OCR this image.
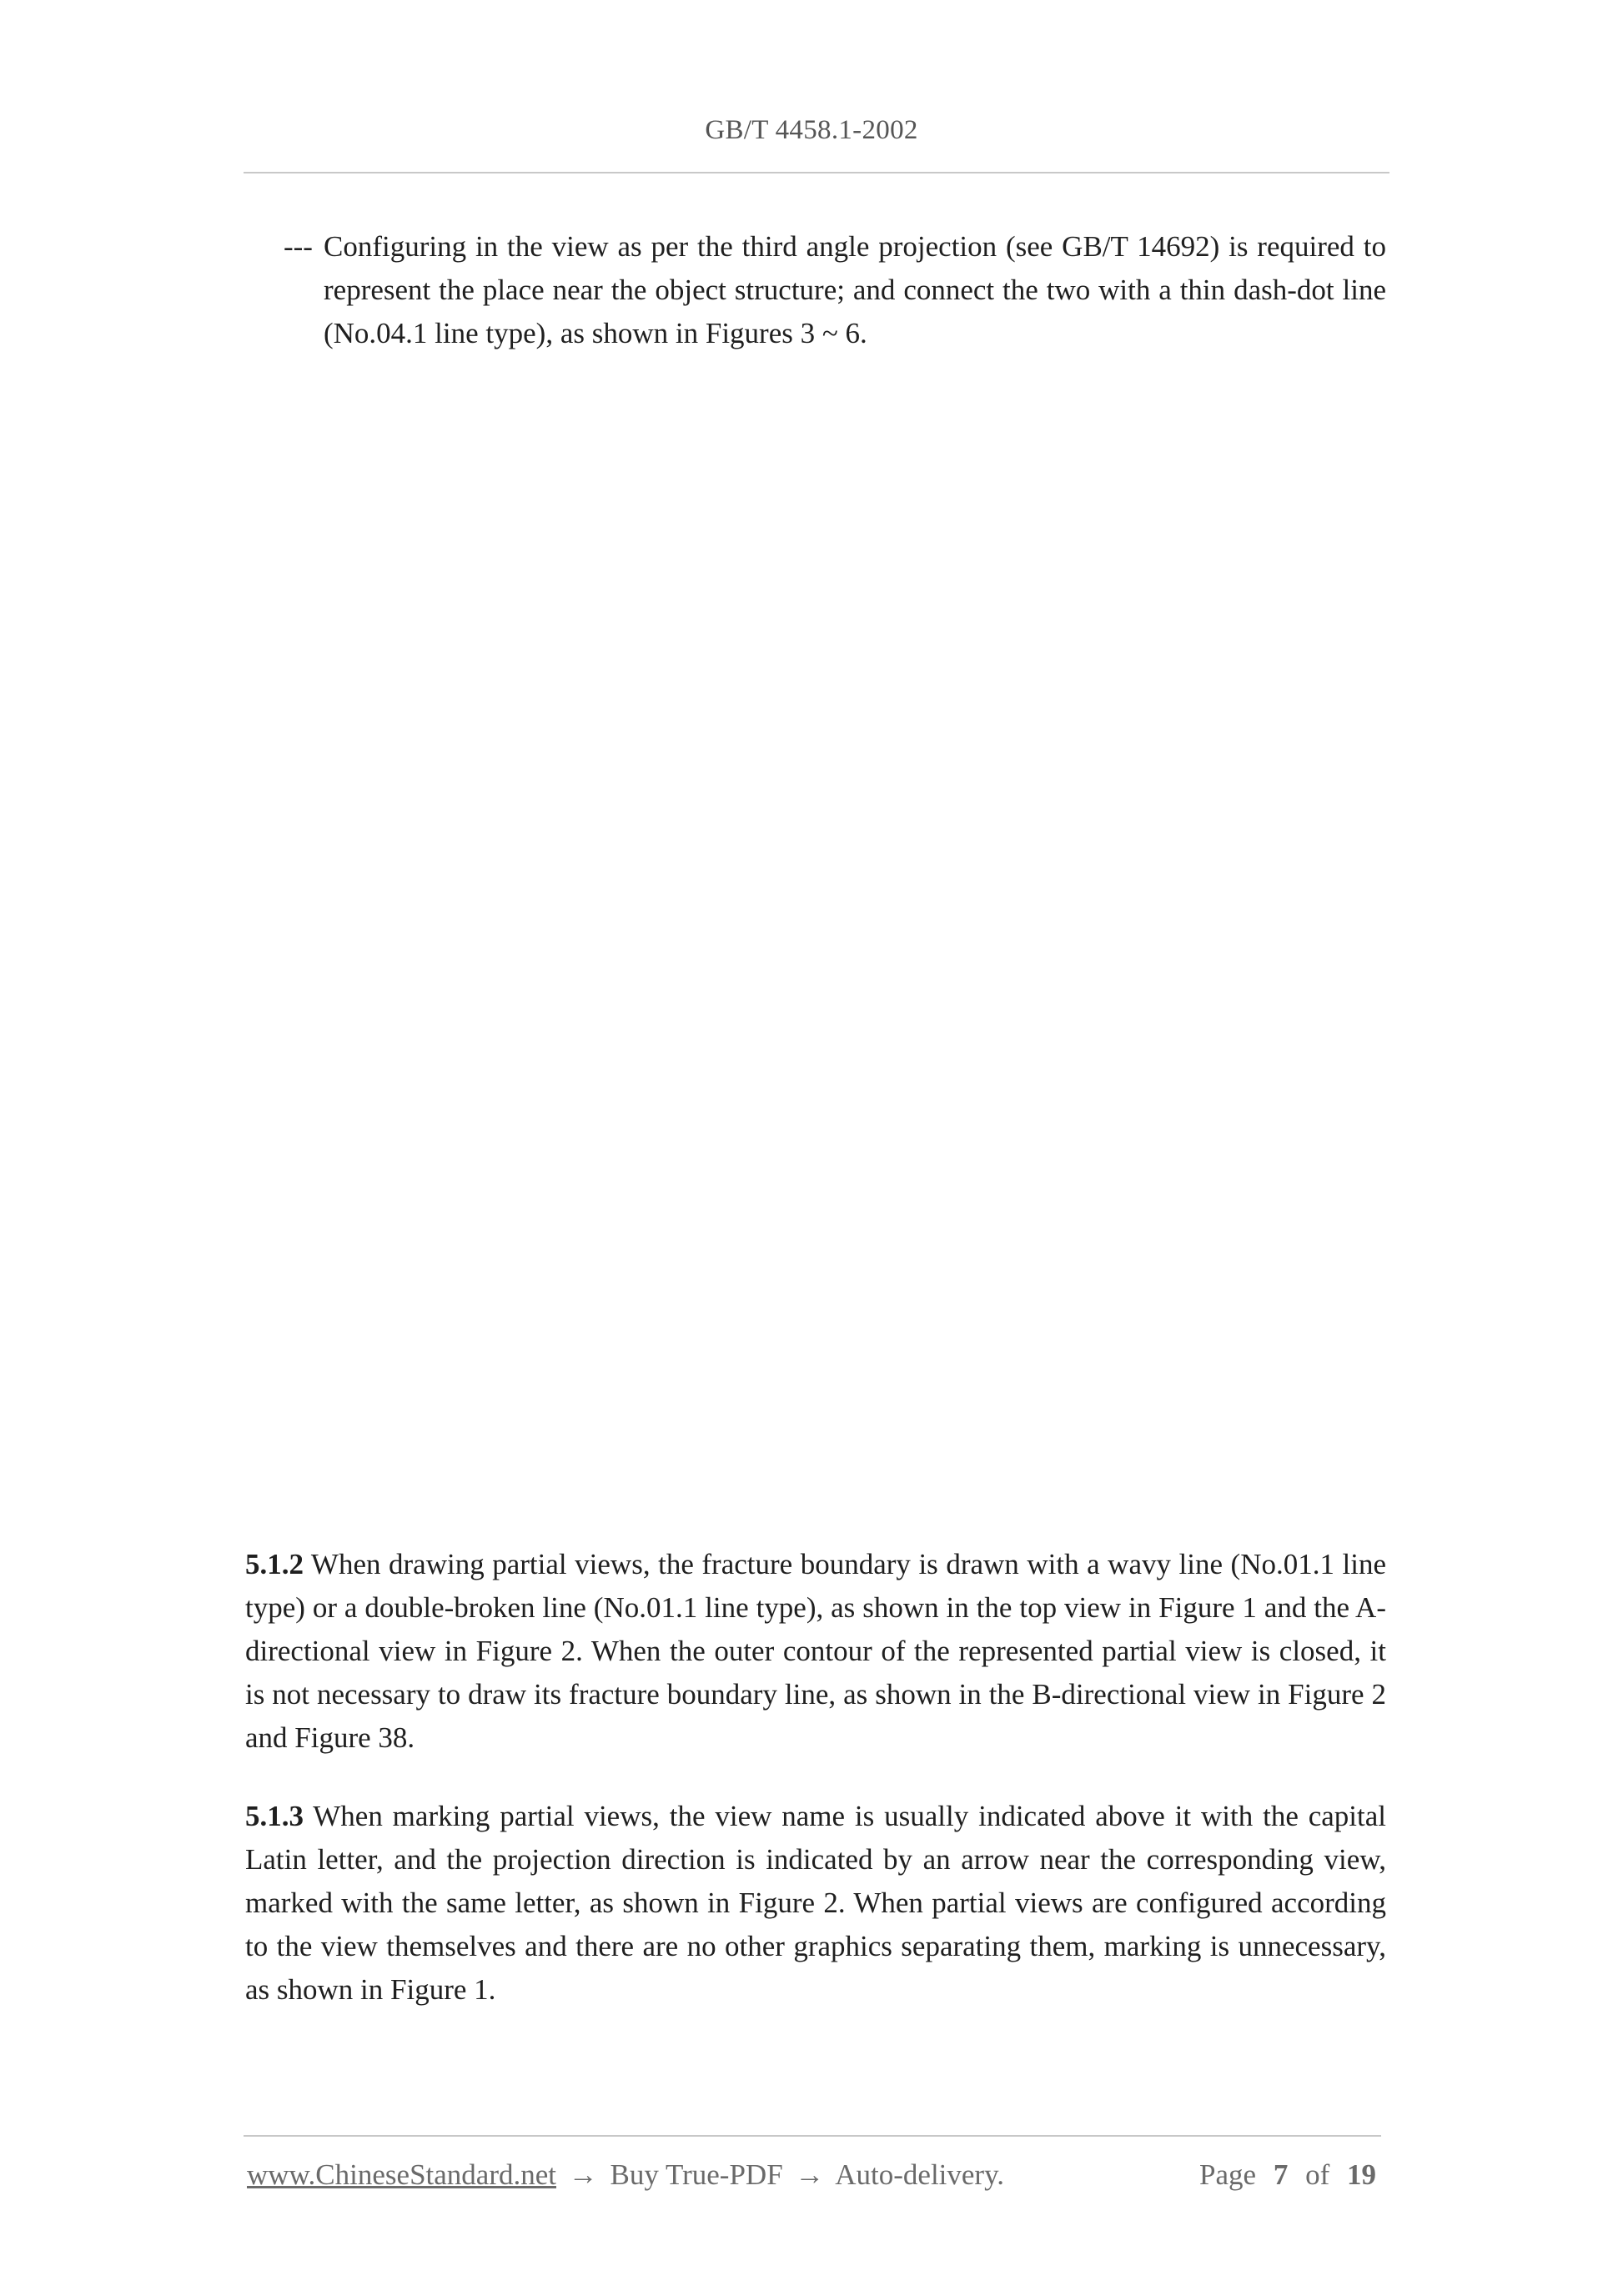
GB/T 4458.1-2002
--- Configuring in the view as per the third angle projection (see GB/T 14692) is required to represent the place near the object structure; and connect the two with a thin dash-dot line (No.04.1 line type), as shown in Figures 3 ~ 6.

5.1.2 When drawing partial views, the fracture boundary is drawn with a wavy line (No.01.1 line type) or a double-broken line (No.01.1 line type), as shown in the top view in Figure 1 and the A-directional view in Figure 2. When the outer contour of the represented partial view is closed, it is not necessary to draw its fracture boundary line, as shown in the B-directional view in Figure 2 and Figure 38.

5.1.3 When marking partial views, the view name is usually indicated above it with the capital Latin letter, and the projection direction is indicated by an arrow near the corresponding view, marked with the same letter, as shown in Figure 2. When partial views are configured according to the view themselves and there are no other graphics separating them, marking is unnecessary, as shown in Figure 1.

www.ChineseStandard.net → Buy True-PDF → Auto-delivery.	Page 7 of 19
